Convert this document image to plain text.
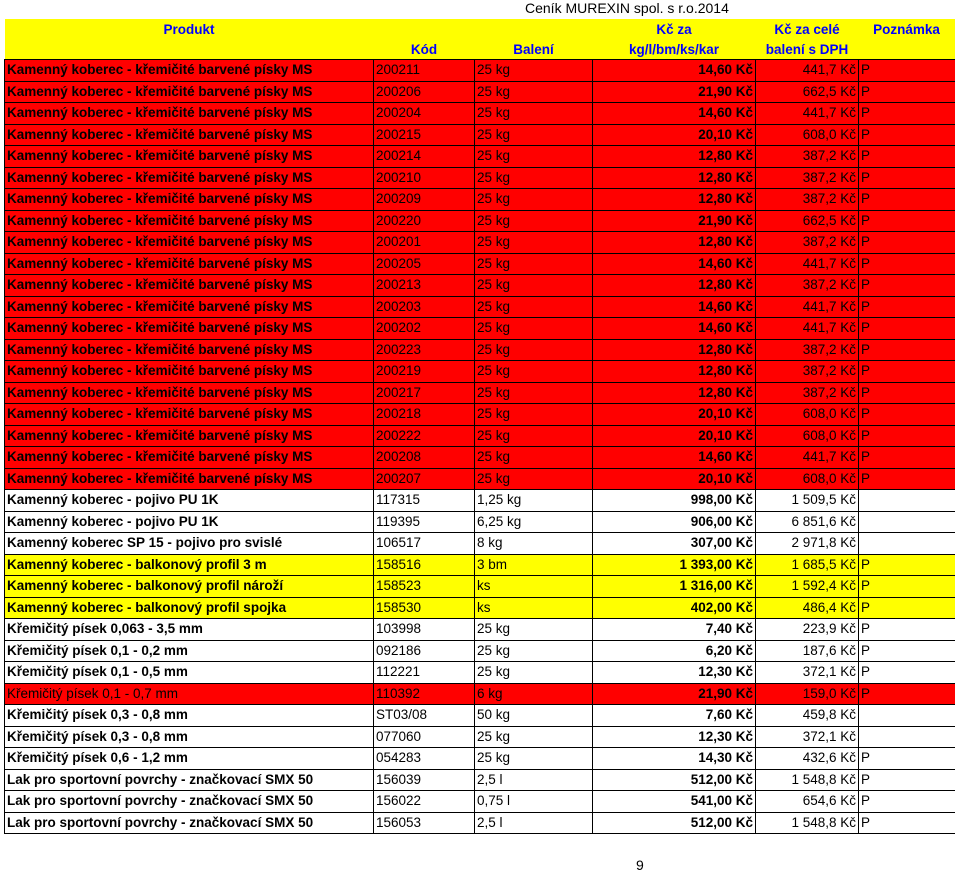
Ceník MUREXIN spol. s r.o.2014
Produkt			Kč za	Kč za celé	Poznámka
	Kód	Balení	kg/l/bm/ks/kar	balení s DPH	
Kamenný koberec - křemičité barvené písky MS	200211	25 kg	14,60 Kč	441,7 Kč	P
Kamenný koberec - křemičité barvené písky MS	200206	25 kg	21,90 Kč	662,5 Kč	P
Kamenný koberec - křemičité barvené písky MS	200204	25 kg	14,60 Kč	441,7 Kč	P
Kamenný koberec - křemičité barvené písky MS	200215	25 kg	20,10 Kč	608,0 Kč	P
Kamenný koberec - křemičité barvené písky MS	200214	25 kg	12,80 Kč	387,2 Kč	P
Kamenný koberec - křemičité barvené písky MS	200210	25 kg	12,80 Kč	387,2 Kč	P
Kamenný koberec - křemičité barvené písky MS	200209	25 kg	12,80 Kč	387,2 Kč	P
Kamenný koberec - křemičité barvené písky MS	200220	25 kg	21,90 Kč	662,5 Kč	P
Kamenný koberec - křemičité barvené písky MS	200201	25 kg	12,80 Kč	387,2 Kč	P
Kamenný koberec - křemičité barvené písky MS	200205	25 kg	14,60 Kč	441,7 Kč	P
Kamenný koberec - křemičité barvené písky MS	200213	25 kg	12,80 Kč	387,2 Kč	P
Kamenný koberec - křemičité barvené písky MS	200203	25 kg	14,60 Kč	441,7 Kč	P
Kamenný koberec - křemičité barvené písky MS	200202	25 kg	14,60 Kč	441,7 Kč	P
Kamenný koberec - křemičité barvené písky MS	200223	25 kg	12,80 Kč	387,2 Kč	P
Kamenný koberec - křemičité barvené písky MS	200219	25 kg	12,80 Kč	387,2 Kč	P
Kamenný koberec - křemičité barvené písky MS	200217	25 kg	12,80 Kč	387,2 Kč	P
Kamenný koberec - křemičité barvené písky MS	200218	25 kg	20,10 Kč	608,0 Kč	P
Kamenný koberec - křemičité barvené písky MS	200222	25 kg	20,10 Kč	608,0 Kč	P
Kamenný koberec - křemičité barvené písky MS	200208	25 kg	14,60 Kč	441,7 Kč	P
Kamenný koberec - křemičité barvené písky MS	200207	25 kg	20,10 Kč	608,0 Kč	P
Kamenný koberec - pojivo PU 1K	117315	1,25 kg	998,00 Kč	1 509,5 Kč	
Kamenný koberec - pojivo PU 1K	119395	6,25 kg	906,00 Kč	6 851,6 Kč	
Kamenný koberec SP 15 - pojivo pro svislé	106517	8 kg	307,00 Kč	2 971,8 Kč	
Kamenný koberec - balkonový profil 3 m	158516	3 bm	1 393,00 Kč	1 685,5 Kč	P
Kamenný koberec - balkonový profil nároží	158523	ks	1 316,00 Kč	1 592,4 Kč	P
Kamenný koberec - balkonový profil spojka	158530	ks	402,00 Kč	486,4 Kč	P
Křemičitý písek 0,063 - 3,5 mm	103998	25 kg	7,40 Kč	223,9 Kč	P
Křemičitý písek 0,1 - 0,2 mm	092186	25 kg	6,20 Kč	187,6 Kč	P
Křemičitý písek 0,1 - 0,5 mm	112221	25 kg	12,30 Kč	372,1 Kč	P
Křemičitý písek 0,1 - 0,7 mm	110392	6 kg	21,90 Kč	159,0 Kč	P
Křemičitý písek 0,3 - 0,8 mm	ST03/08	50 kg	7,60 Kč	459,8 Kč	
Křemičitý písek 0,3 - 0,8 mm	077060	25 kg	12,30 Kč	372,1 Kč	
Křemičitý písek 0,6 - 1,2 mm	054283	25 kg	14,30 Kč	432,6 Kč	P
Lak pro sportovní povrchy - značkovací SMX 50	156039	2,5 l	512,00 Kč	1 548,8 Kč	P
Lak pro sportovní povrchy - značkovací SMX 50	156022	0,75 l	541,00 Kč	654,6 Kč	P
Lak pro sportovní povrchy - značkovací SMX 50	156053	2,5 l	512,00 Kč	1 548,8 Kč	P
9
